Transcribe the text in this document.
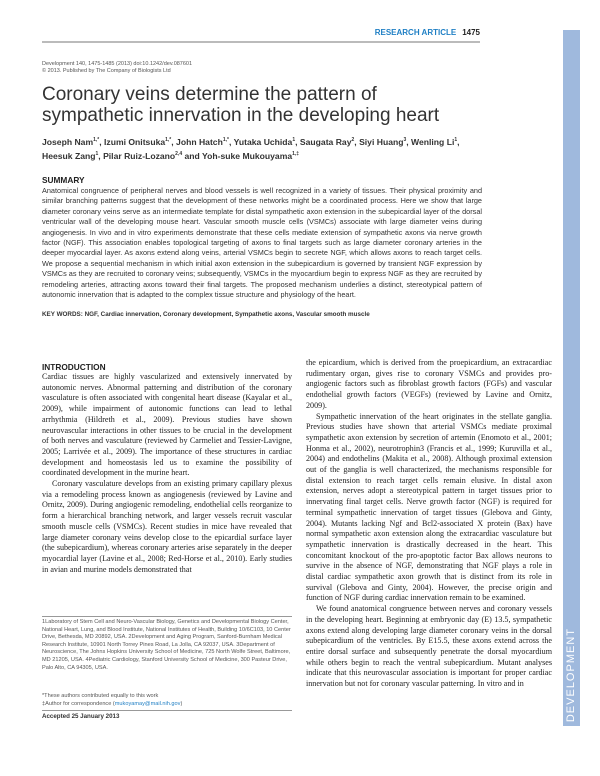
RESEARCH ARTICLE 1475
DEVELOPMENT
Development 140, 1475-1485 (2013) doi:10.1242/dev.087601
© 2013. Published by The Company of Biologists Ltd
Coronary veins determine the pattern of sympathetic innervation in the developing heart
Joseph Nam$^{1,*}$, Izumi Onitsuka$^{1,*}$, John Hatch$^{1,*}$, Yutaka Uchida$^1$, Saugata Ray$^2$, Siyi Huang$^3$, Wenling Li$^1$, Heesuk Zang$^1$, Pilar Ruiz-Lozano$^{2,4}$ and Yoh-suke Mukouyama$^{1,\ddagger}$
SUMMARY
Anatomical congruence of peripheral nerves and blood vessels is well recognized in a variety of tissues. Their physical proximity and similar branching patterns suggest that the development of these networks might be a coordinated process. Here we show that large diameter coronary veins serve as an intermediate template for distal sympathetic axon extension in the subepicardial layer of the dorsal ventricular wall of the developing mouse heart. Vascular smooth muscle cells (VSMCs) associate with large diameter veins during angiogenesis. In vivo and in vitro experiments demonstrate that these cells mediate extension of sympathetic axons via nerve growth factor (NGF). This association enables topological targeting of axons to final targets such as large diameter coronary arteries in the deeper myocardial layer. As axons extend along veins, arterial VSMCs begin to secrete NGF, which allows axons to reach target cells. We propose a sequential mechanism in which initial axon extension in the subepicardium is governed by transient NGF expression by VSMCs as they are recruited to coronary veins; subsequently, VSMCs in the myocardium begin to express NGF as they are recruited by remodeling arteries, attracting axons toward their final targets. The proposed mechanism underlies a distinct, stereotypical pattern of autonomic innervation that is adapted to the complex tissue structure and physiology of the heart.
KEY WORDS: NGF, Cardiac innervation, Coronary development, Sympathetic axons, Vascular smooth muscle
INTRODUCTION

Cardiac tissues are highly vascularized and extensively innervated by autonomic nerves. Abnormal patterning and distribution of the coronary vasculature is often associated with congenital heart disease (Kayalar et al., 2009), while impairment of autonomic functions can lead to lethal arrhythmia (Hildreth et al., 2009). Previous studies have shown neurovascular interactions in other tissues to be crucial in the development of both nerves and vasculature (reviewed by Carmeliet and Tessier-Lavigne, 2005; Larrivée et al., 2009). The importance of these structures in cardiac development and homeostasis led us to examine the possibility of coordinated development in the murine heart.

Coronary vasculature develops from an existing primary capillary plexus via a remodeling process known as angiogenesis (reviewed by Lavine and Ornitz, 2009). During angiogenic remodeling, endothelial cells reorganize to form a hierarchical branching network, and larger vessels recruit vascular smooth muscle cells (VSMCs). Recent studies in mice have revealed that large diameter coronary veins develop close to the epicardial surface layer (the subepicardium), whereas coronary arteries arise separately in the deeper myocardial layer (Lavine et al., 2008; Red-Horse et al., 2010). Early studies in avian and murine models demonstrated that

the epicardium, which is derived from the proepicardium, an extracardiac rudimentary organ, gives rise to coronary VSMCs and provides pro-angiogenic factors such as fibroblast growth factors (FGFs) and vascular endothelial growth factors (VEGFs) (reviewed by Lavine and Ornitz, 2009).

Sympathetic innervation of the heart originates in the stellate ganglia. Previous studies have shown that arterial VSMCs mediate proximal sympathetic axon extension by secretion of artemin (Enomoto et al., 2001; Honma et al., 2002), neurotrophin3 (Francis et al., 1999; Kuruvilla et al., 2004) and endothelins (Makita et al., 2008). Although proximal extension out of the ganglia is well characterized, the mechanisms responsible for distal extension to reach target cells remain elusive. In distal axon extension, nerves adopt a stereotypical pattern in target tissues prior to innervating final target cells. Nerve growth factor (NGF) is required for terminal sympathetic innervation of target tissues (Glebova and Ginty, 2004). Mutants lacking Ngf and Bcl2-associated X protein (Bax) have normal sympathetic axon extension along the extracardiac vasculature but sympathetic innervation is drastically decreased in the heart. This concomitant knockout of the pro-apoptotic factor Bax allows neurons to survive in the absence of NGF, demonstrating that NGF plays a role in distal cardiac sympathetic axon growth that is distinct from its role in survival (Glebova and Ginty, 2004). However, the precise origin and function of NGF during cardiac innervation remain to be examined.

We found anatomical congruence between nerves and coronary vessels in the developing heart. Beginning at embryonic day (E) 13.5, sympathetic axons extend along developing large diameter coronary veins in the dorsal subepicardium of the ventricles. By E15.5, these axons extend across the entire dorsal surface and subsequently penetrate the dorsal myocardium while others begin to reach the ventral subepicardium. Mutant analyses indicate that this neurovascular association is important for proper cardiac innervation but not for coronary vascular patterning. In vitro and in

1Laboratory of Stem Cell and Neuro-Vascular Biology, Genetics and Developmental Biology Center, National Heart, Lung, and Blood Institute, National Institutes of Health, Building 10/6C103, 10 Center Drive, Bethesda, MD 20892, USA. 2Development and Aging Program, Sanford-Burnham Medical Research Institute, 10901 North Torrey Pines Road, La Jolla, CA 92037, USA. 3Department of Neuroscience, The Johns Hopkins University School of Medicine, 725 North Wolfe Street, Baltimore, MD 21205, USA. 4Pediatric Cardiology, Stanford University School of Medicine, 300 Pasteur Drive, Palo Alto, CA 94305, USA.
*These authors contributed equally to this work
‡Author for correspondence (mukoyamay@mail.nih.gov)
Accepted 25 January 2013
